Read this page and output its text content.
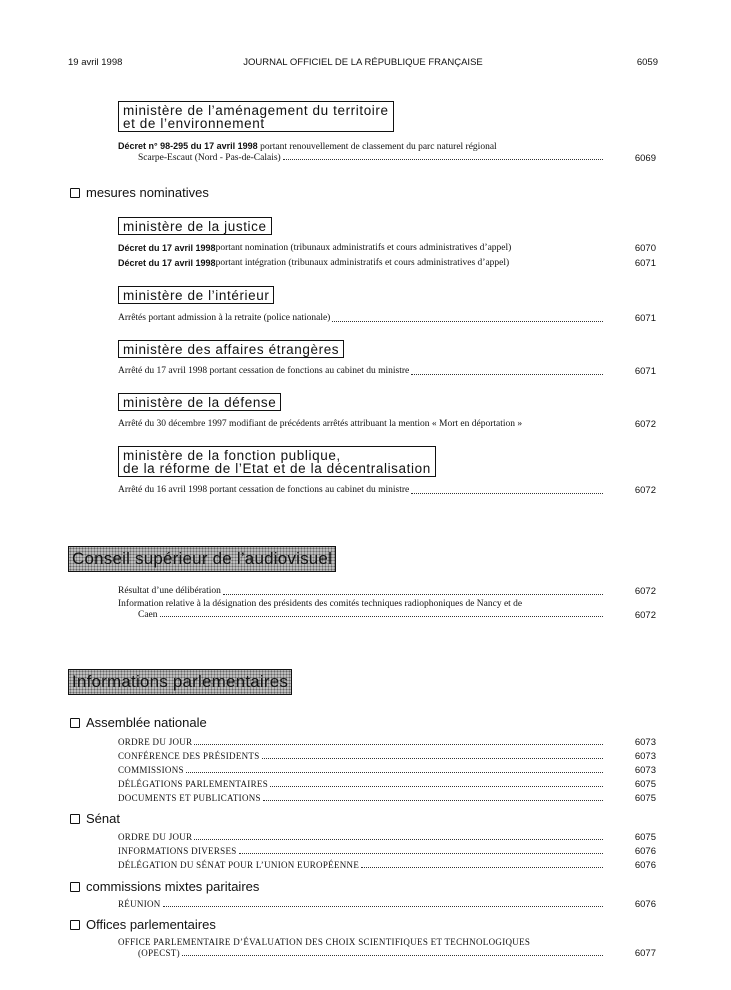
19 avril 1998	JOURNAL OFFICIEL DE LA RÉPUBLIQUE FRANÇAISE	6059
ministère de l’aménagement du territoire
et de l’environnement
Décret n° 98-295 du 17 avril 1998 portant renouvellement de classement du parc naturel régional
Scarpe-Escaut (Nord - Pas-de-Calais)	6069
mesures nominatives
ministère de la justice
Décret du 17 avril 1998 portant nomination (tribunaux administratifs et cours administratives d’appel)	6070
Décret du 17 avril 1998 portant intégration (tribunaux administratifs et cours administratives d’appel)	6071
ministère de l’intérieur
Arrêtés portant admission à la retraite (police nationale)	6071
ministère des affaires étrangères
Arrêté du 17 avril 1998 portant cessation de fonctions au cabinet du ministre	6071
ministère de la défense
Arrêté du 30 décembre 1997 modifiant de précédents arrêtés attribuant la mention « Mort en déportation »	6072
ministère de la fonction publique,
de la réforme de l’Etat et de la décentralisation
Arrêté du 16 avril 1998 portant cessation de fonctions au cabinet du ministre	6072
Conseil supérieur de l’audiovisuel
Résultat d’une délibération	6072
Information relative à la désignation des présidents des comités techniques radiophoniques de Nancy et de
Caen	6072
Informations parlementaires
Assemblée nationale
ORDRE DU JOUR	6073
CONFÉRENCE DES PRÉSIDENTS	6073
COMMISSIONS	6073
DÉLÉGATIONS PARLEMENTAIRES	6075
DOCUMENTS ET PUBLICATIONS	6075
Sénat
ORDRE DU JOUR	6075
INFORMATIONS DIVERSES	6076
DÉLÉGATION DU SÉNAT POUR L’UNION EUROPÉENNE	6076
commissions mixtes paritaires
RÉUNION	6076
Offices parlementaires
OFFICE PARLEMENTAIRE D’ÉVALUATION DES CHOIX SCIENTIFIQUES ET TECHNOLOGIQUES
(OPECST)	6077
